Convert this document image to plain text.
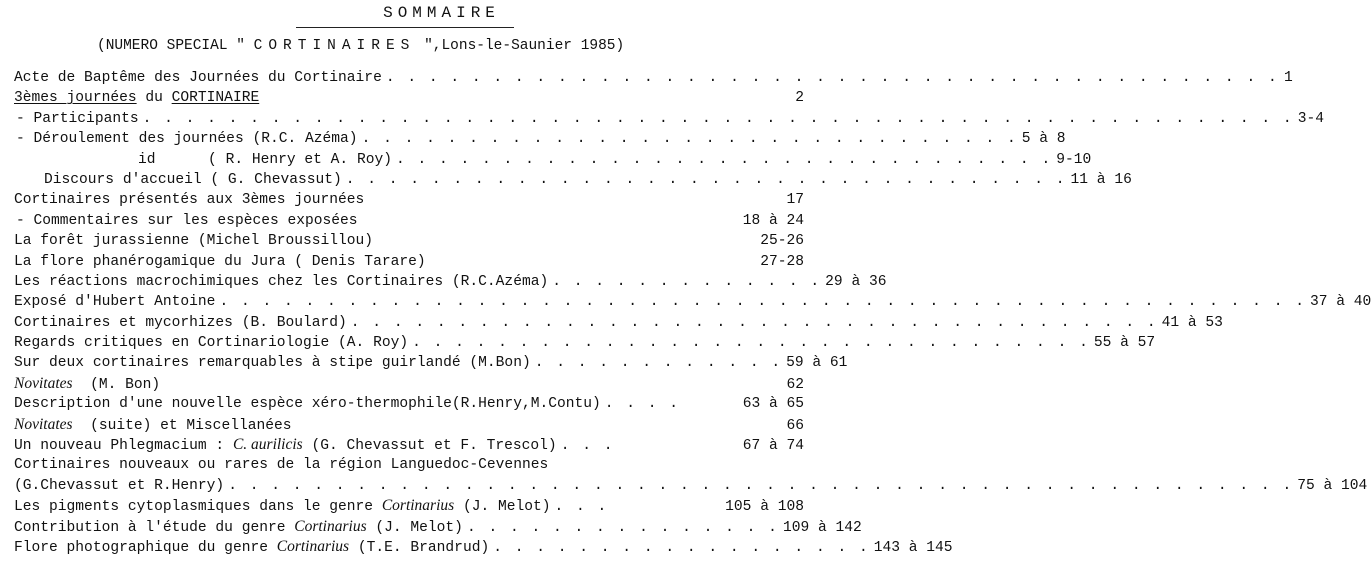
SOMMAIRE
(NUMERO SPECIAL " CORTINAIRES ",Lons-le-Saunier 1985)
Acte de Baptême des Journées du Cortinaire . . . . . . . . . . . . . . . . . . . . . . . . . . . . . . . . . . . . . . . . . . 1
3èmes journées du CORTINAIRE	2
- Participants . . . . . . . . . . . . . . . . . . . . . . . . . . . . . . . . . . . . . . . . . . . . . . . . . . . . . . 3-4
- Déroulement des journées (R.C. Azéma) . . . . . . . . . . . . . . . . . . . . . . . . . . . . . . . 5 à 8
id      ( R. Henry et A. Roy) . . . . . . . . . . . . . . . . . . . . . . . . . . . . . . . 9-10
Discours d'accueil ( G. Chevassut) . . . . . . . . . . . . . . . . . . . . . . . . . . . . . . . . . . 11 à 16
Cortinaires présentés aux 3èmes journées	17
- Commentaires sur les espèces exposées	18 à 24
La forêt jurassienne (Michel Broussillou)	25-26
La flore phanérogamique du Jura ( Denis Tarare)	27-28
Les réactions macrochimiques chez les Cortinaires (R.C.Azéma) . . . . . . . . . . . . . 29 à 36
Exposé d'Hubert Antoine . . . . . . . . . . . . . . . . . . . . . . . . . . . . . . . . . . . . . . . . . . . . . . . . . . . 37 à 40
Cortinaires et mycorhizes (B. Boulard) . . . . . . . . . . . . . . . . . . . . . . . . . . . . . . . . . . . . . . 41 à 53
Regards critiques en Cortinariologie (A. Roy) . . . . . . . . . . . . . . . . . . . . . . . . . . . . . . . . 55 à 57
Sur deux cortinaires remarquables à stipe guirlandé (M.Bon) . . . . . . . . . . . . 59 à 61
Novitates  (M. Bon)	62
Description d'une nouvelle espèce xéro-thermophile(R.Henry,M.Contu) . . . .	63 à 65
Novitates  (suite) et Miscellanées	66
Un nouveau Phlegmacium : C. aurilicis (G. Chevassut et F. Trescol) . . .	67 à 74
Cortinaires nouveaux ou rares de la région Languedoc-Cevennes
(G.Chevassut et R.Henry) . . . . . . . . . . . . . . . . . . . . . . . . . . . . . . . . . . . . . . . . . . . . . . . . . . 75 à 104
Les pigments cytoplasmiques dans le genre Cortinarius (J. Melot) . . .	105 à 108
Contribution à l'étude du genre Cortinarius (J. Melot) . . . . . . . . . . . . . . . 109 à 142
Flore photographique du genre Cortinarius (T.E. Brandrud) . . . . . . . . . . . . . . . . . . 143 à 145
